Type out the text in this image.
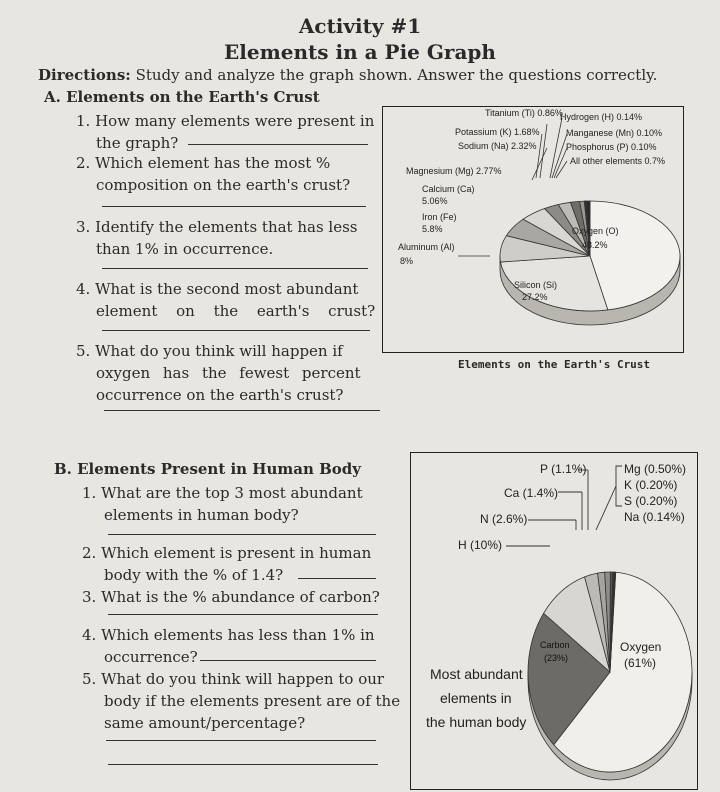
Activity #1
Elements in a Pie Graph
Directions: Study and analyze the graph shown. Answer the questions correctly.
A. Elements on the Earth's Crust
1. How many elements were present in
the graph?
2. Which element has the most %
composition on the earth's crust?
3. Identify the elements that has less
than 1% in occurrence.
4. What is the second most abundant
element on the earth's crust?
5. What do you think will happen if
oxygen has the fewest percent
occurrence on the earth's crust?
Titanium (Ti) 0.86%
Potassium (K) 1.68%
Sodium (Na) 2.32%
Magnesium (Mg) 2.77%
Calcium (Ca)
5.06%
Iron (Fe)
5.8%
Aluminum (Al)
8%
Hydrogen (H) 0.14%
Manganese (Mn) 0.10%
Phosphorus (P) 0.10%
All other elements 0.7%
Oxygen (O)
48.2%
Silicon (Si)
27.2%
Elements on the Earth's Crust
B. Elements Present in Human Body
1. What are the top 3 most abundant
elements in human body?
2. Which element is present in human
body with the % of 1.4?
3. What is the % abundance of carbon?
4. Which elements has less than 1% in
occurrence?
5. What do you think will happen to our
body if the elements present are of the
same amount/percentage?
P (1.1%)
Ca (1.4%)
N (2.6%)
H (10%)
Mg (0.50%)
K (0.20%)
S (0.20%)
Na (0.14%)
Carbon
(23%)
Oxygen
(61%)
Most abundant
elements in
the human body
